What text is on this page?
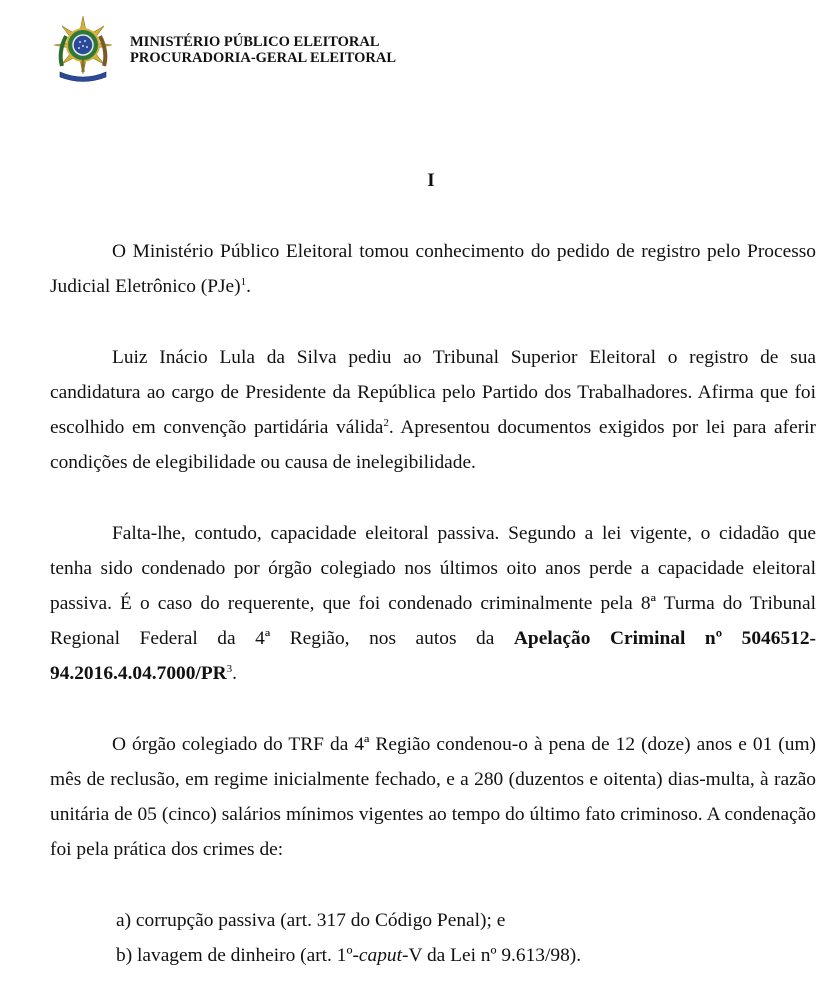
MINISTÉRIO PÚBLICO ELEITORAL
PROCURADORIA-GERAL ELEITORAL
I

O Ministério Público Eleitoral tomou conhecimento do pedido de registro pelo Processo Judicial Eletrônico (PJe)$^1$.

Luiz Inácio Lula da Silva pediu ao Tribunal Superior Eleitoral o registro de sua candidatura ao cargo de Presidente da República pelo Partido dos Trabalhadores. Afirma que foi escolhido em convenção partidária válida$^2$. Apresentou documentos exigidos por lei para aferir condições de elegibilidade ou causa de inelegibilidade.

Falta-lhe, contudo, capacidade eleitoral passiva. Segundo a lei vigente, o cidadão que tenha sido condenado por órgão colegiado nos últimos oito anos perde a capacidade eleitoral passiva. É o caso do requerente, que foi condenado criminalmente pela 8ª Turma do Tribunal Regional Federal da 4ª Região, nos autos da Apelação Criminal nº $5046512-94.2016.4.04.7000/PR^3$.

O órgão colegiado do TRF da 4ª Região condenou-o à pena de 12 (doze) anos e 01 (um) mês de reclusão, em regime inicialmente fechado, e a 280 (duzentos e oitenta) dias-multa, à razão unitária de 05 (cinco) salários mínimos vigentes ao tempo do último fato criminoso. A condenação foi pela prática dos crimes de:

a) corrupção passiva (art. 317 do Código Penal); e

b) lavagem de dinheiro (art. 1º-caput-V da Lei nº 9.613/98).
